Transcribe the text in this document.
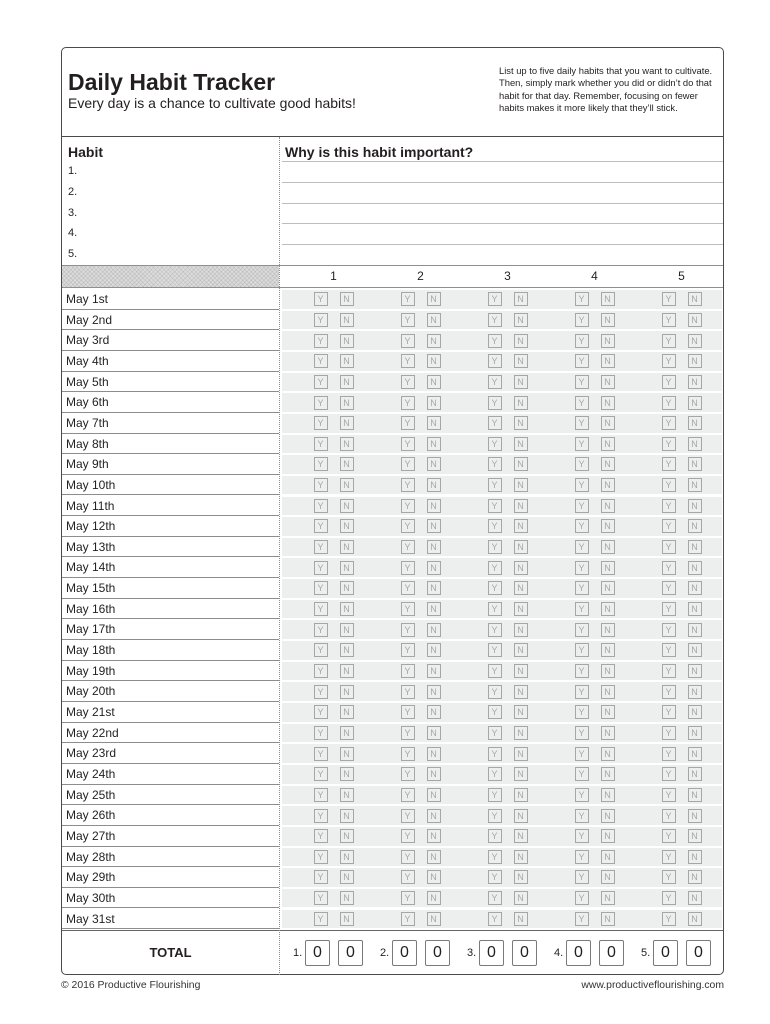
Daily Habit Tracker
Every day is a chance to cultivate good habits!
List up to five daily habits that you want to cultivate.
Then, simply mark whether you did or didn’t do that
habit for that day. Remember, focusing on fewer
habits makes it more likely that they’ll stick.
Habit	Why is this habit important?
1.
2.
3.
4.
5.
1	2	3	4	5
May 1st	Y	N	Y	N	Y	N	Y	N	Y	N
May 2nd	Y	N	Y	N	Y	N	Y	N	Y	N
May 3rd	Y	N	Y	N	Y	N	Y	N	Y	N
May 4th	Y	N	Y	N	Y	N	Y	N	Y	N
May 5th	Y	N	Y	N	Y	N	Y	N	Y	N
May 6th	Y	N	Y	N	Y	N	Y	N	Y	N
May 7th	Y	N	Y	N	Y	N	Y	N	Y	N
May 8th	Y	N	Y	N	Y	N	Y	N	Y	N
May 9th	Y	N	Y	N	Y	N	Y	N	Y	N
May 10th	Y	N	Y	N	Y	N	Y	N	Y	N
May 11th	Y	N	Y	N	Y	N	Y	N	Y	N
May 12th	Y	N	Y	N	Y	N	Y	N	Y	N
May 13th	Y	N	Y	N	Y	N	Y	N	Y	N
May 14th	Y	N	Y	N	Y	N	Y	N	Y	N
May 15th	Y	N	Y	N	Y	N	Y	N	Y	N
May 16th	Y	N	Y	N	Y	N	Y	N	Y	N
May 17th	Y	N	Y	N	Y	N	Y	N	Y	N
May 18th	Y	N	Y	N	Y	N	Y	N	Y	N
May 19th	Y	N	Y	N	Y	N	Y	N	Y	N
May 20th	Y	N	Y	N	Y	N	Y	N	Y	N
May 21st	Y	N	Y	N	Y	N	Y	N	Y	N
May 22nd	Y	N	Y	N	Y	N	Y	N	Y	N
May 23rd	Y	N	Y	N	Y	N	Y	N	Y	N
May 24th	Y	N	Y	N	Y	N	Y	N	Y	N
May 25th	Y	N	Y	N	Y	N	Y	N	Y	N
May 26th	Y	N	Y	N	Y	N	Y	N	Y	N
May 27th	Y	N	Y	N	Y	N	Y	N	Y	N
May 28th	Y	N	Y	N	Y	N	Y	N	Y	N
May 29th	Y	N	Y	N	Y	N	Y	N	Y	N
May 30th	Y	N	Y	N	Y	N	Y	N	Y	N
May 31st	Y	N	Y	N	Y	N	Y	N	Y	N
TOTAL	1. 0	0	2. 0	0	3. 0	0	4. 0	0	5. 0	0
© 2016 Productive Flourishing	www.productiveflourishing.com
